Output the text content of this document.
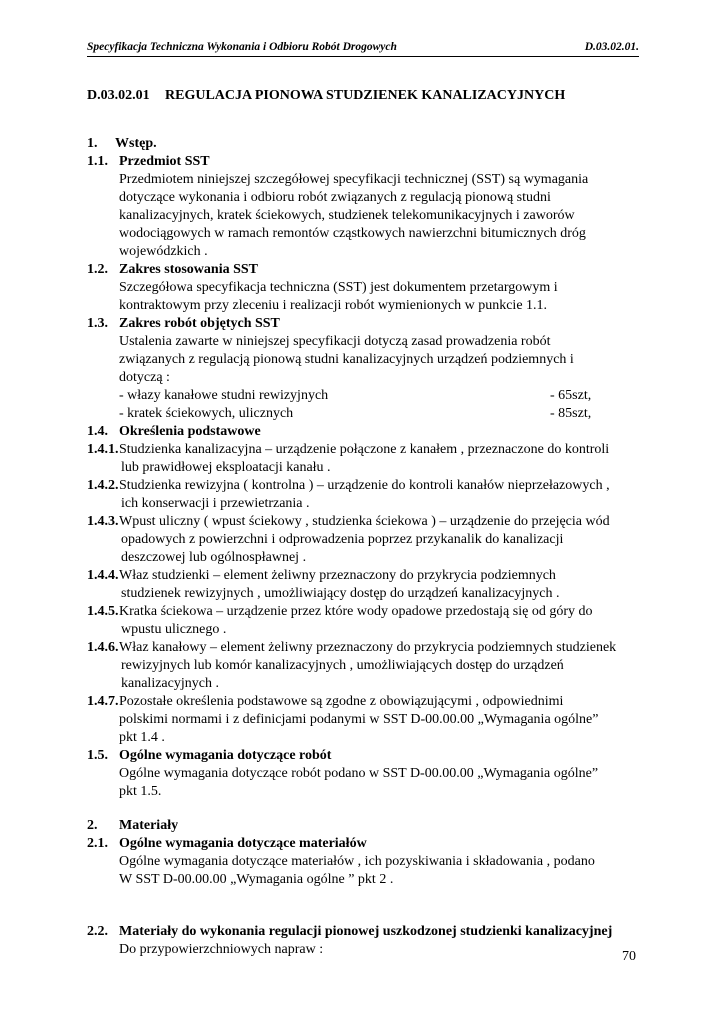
Specyfikacja Techniczna Wykonania i Odbioru Robót Drogowych	D.03.02.01.
D.03.02.01 REGULACJA PIONOWA STUDZIENEK KANALIZACYJNYCH
1. Wstęp.
1.1. Przedmiot SST
Przedmiotem niniejszej szczegółowej specyfikacji technicznej (SST) są wymagania
dotyczące wykonania i odbioru robót związanych z regulacją pionową studni
kanalizacyjnych, kratek ściekowych, studzienek telekomunikacyjnych i zaworów
wodociągowych w ramach remontów cząstkowych nawierzchni bitumicznych dróg
wojewódzkich .
1.2. Zakres stosowania SST
Szczegółowa specyfikacja techniczna (SST) jest dokumentem przetargowym i
kontraktowym przy zleceniu i realizacji robót wymienionych w punkcie 1.1.
1.3. Zakres robót objętych SST
Ustalenia zawarte w niniejszej specyfikacji dotyczą zasad prowadzenia robót
związanych z regulacją pionową studni kanalizacyjnych urządzeń podziemnych i
dotyczą :
- włazy kanałowe studni rewizyjnych	- 65szt,
- kratek ściekowych, ulicznych	- 85szt,
1.4. Określenia podstawowe
1.4.1. Studzienka kanalizacyjna – urządzenie połączone z kanałem , przeznaczone do kontroli
lub prawidłowej eksploatacji kanału .
1.4.2. Studzienka rewizyjna ( kontrolna ) – urządzenie do kontroli kanałów nieprzełazowych ,
ich konserwacji i przewietrzania .
1.4.3. Wpust uliczny ( wpust ściekowy , studzienka ściekowa ) – urządzenie do przejęcia wód
opadowych z powierzchni i odprowadzenia poprzez przykanalik do kanalizacji
deszczowej lub ogólnospławnej .
1.4.4. Właz studzienki – element żeliwny przeznaczony do przykrycia podziemnych
studzienek rewizyjnych , umożliwiający dostęp do urządzeń kanalizacyjnych .
1.4.5. Kratka ściekowa – urządzenie przez które wody opadowe przedostają się od góry do
wpustu ulicznego .
1.4.6. Właz kanałowy – element żeliwny przeznaczony do przykrycia podziemnych studzienek
rewizyjnych lub komór kanalizacyjnych , umożliwiających dostęp do urządzeń
kanalizacyjnych .
1.4.7. Pozostałe określenia podstawowe są zgodne z obowiązującymi , odpowiednimi
polskimi normami i z definicjami podanymi w SST D-00.00.00 „Wymagania ogólne”
pkt 1.4 .
1.5. Ogólne wymagania dotyczące robót
Ogólne wymagania dotyczące robót podano w SST D-00.00.00 „Wymagania ogólne”
pkt 1.5.
2. Materiały
2.1. Ogólne wymagania dotyczące materiałów
Ogólne wymagania dotyczące materiałów , ich pozyskiwania i składowania , podano
W SST D-00.00.00 „Wymagania ogólne ” pkt 2 .
2.2. Materiały do wykonania regulacji pionowej uszkodzonej studzienki kanalizacyjnej
Do przypowierzchniowych napraw :	70
